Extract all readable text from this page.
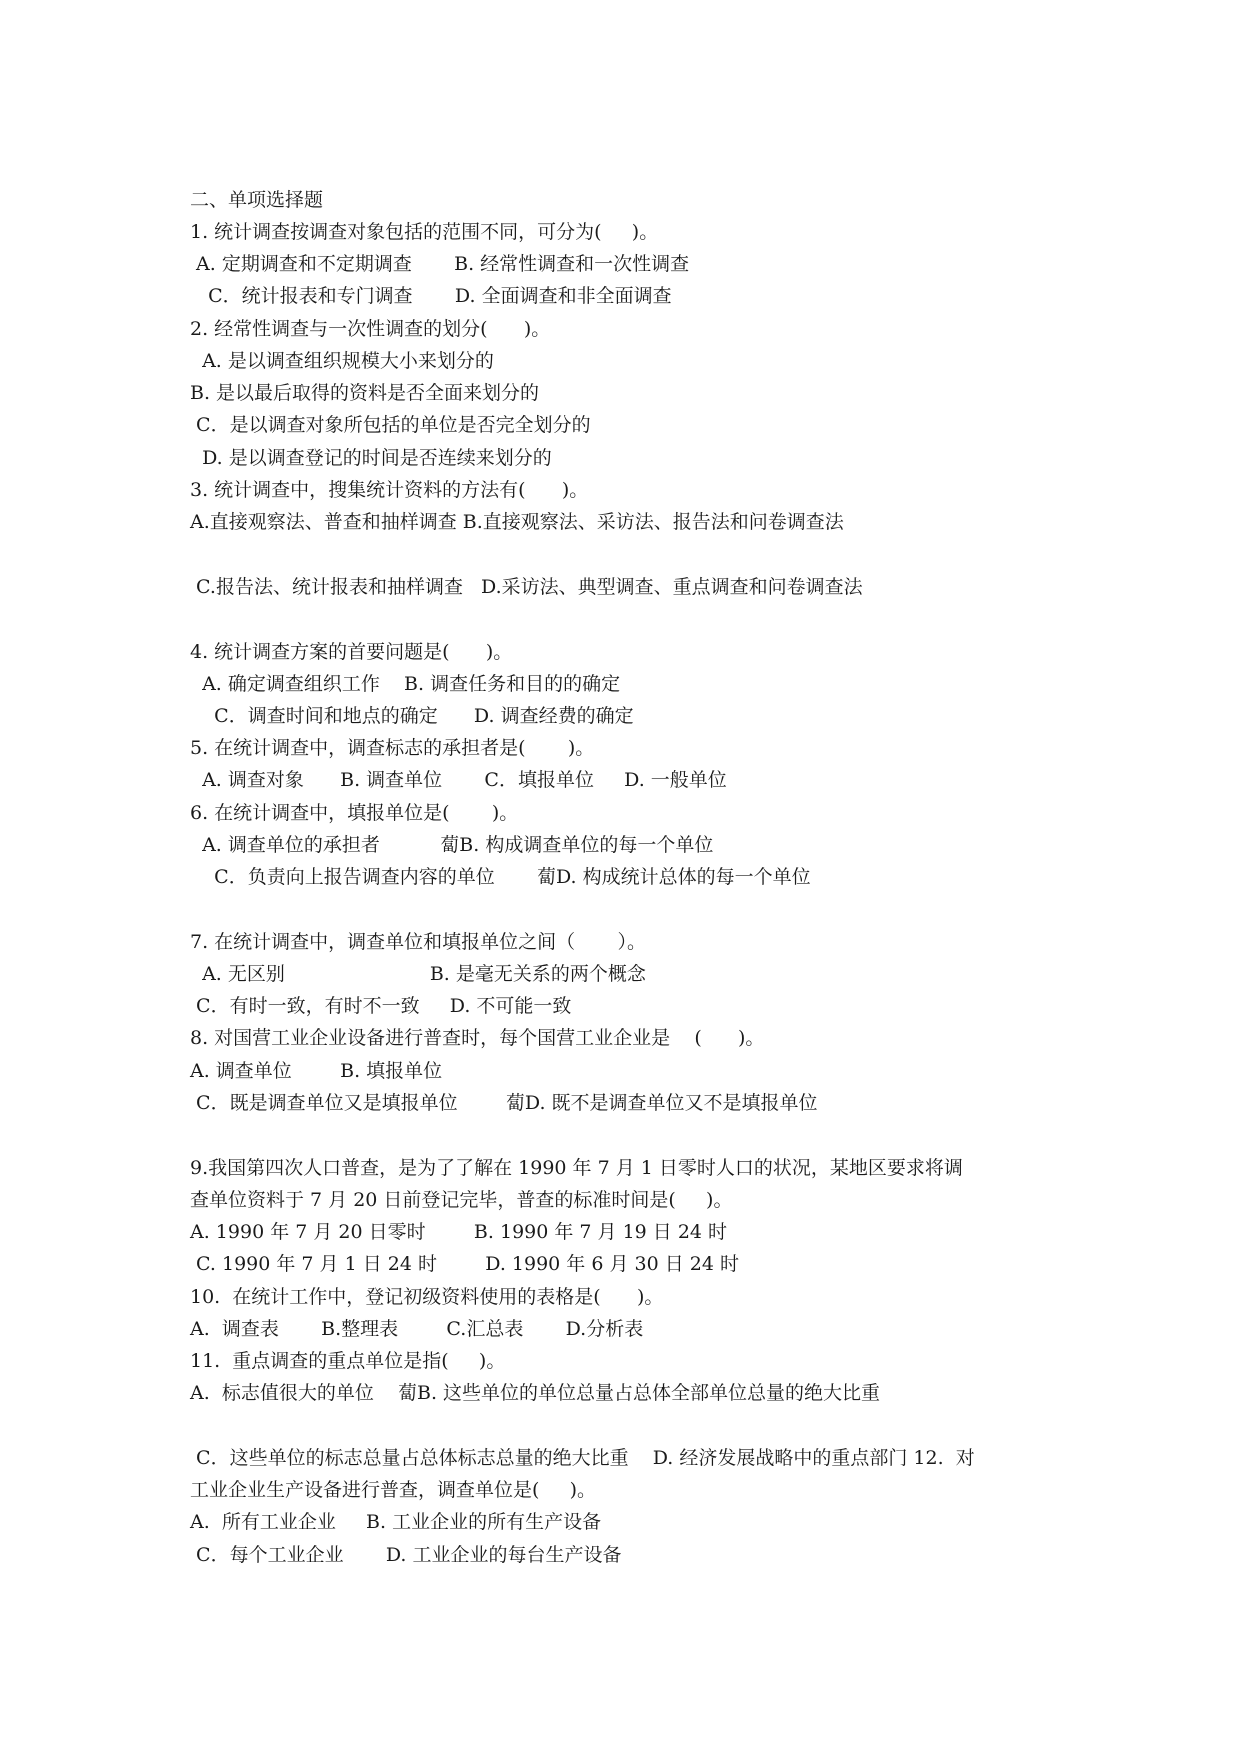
二、单项选择题
1. 统计调查按调查对象包括的范围不同，可分为(     )。
A. 定期调查和不定期调查       B. 经常性调查和一次性调查
C．统计报表和专门调查       D. 全面调查和非全面调查
2. 经常性调查与一次性调查的划分(      )。
A. 是以调查组织规模大小来划分的
B. 是以最后取得的资料是否全面来划分的
C．是以调查对象所包括的单位是否完全划分的
D. 是以调查登记的时间是否连续来划分的
3. 统计调查中，搜集统计资料的方法有(      )。
A.直接观察法、普查和抽样调查 B.直接观察法、采访法、报告法和问卷调查法
C.报告法、统计报表和抽样调查   D.采访法、典型调查、重点调查和问卷调查法
4. 统计调查方案的首要问题是(      )。
A. 确定调查组织工作    B. 调查任务和目的的确定
C．调查时间和地点的确定      D. 调查经费的确定
5. 在统计调查中，调查标志的承担者是(       )。
A. 调查对象      B. 调查单位       C．填报单位     D. 一般单位
6. 在统计调查中，填报单位是(       )。
A. 调查单位的承担者          蔔B. 构成调查单位的每一个单位
C．负责向上报告调查内容的单位       蔔D. 构成统计总体的每一个单位
7. 在统计调查中，调查单位和填报单位之间（       ）。
A. 无区别                        B. 是毫无关系的两个概念
C．有时一致，有时不一致     D. 不可能一致
8. 对国营工业企业设备进行普查时，每个国营工业企业是    (      )。
A. 调查单位        B. 填报单位
C．既是调查单位又是填报单位        蔔D. 既不是调查单位又不是填报单位
9.我国第四次人口普查，是为了了解在 1990 年 7 月 1 日零时人口的状况，某地区要求将调
查单位资料于 7 月 20 日前登记完毕，普查的标准时间是(     )。
A. 1990 年 7 月 20 日零时        B. 1990 年 7 月 19 日 24 时
C. 1990 年 7 月 1 日 24 时        D. 1990 年 6 月 30 日 24 时
10.  在统计工作中，登记初级资料使用的表格是(      )。
A.  调查表       B.整理表        C.汇总表       D.分析表
11.  重点调查的重点单位是指(     )。
A.  标志值很大的单位    蔔B. 这些单位的单位总量占总体全部单位总量的绝大比重
C．这些单位的标志总量占总体标志总量的绝大比重    D. 经济发展战略中的重点部门 12.  对
工业企业生产设备进行普查，调查单位是(     )。
A.  所有工业企业     B. 工业企业的所有生产设备
C．每个工业企业       D. 工业企业的每台生产设备
